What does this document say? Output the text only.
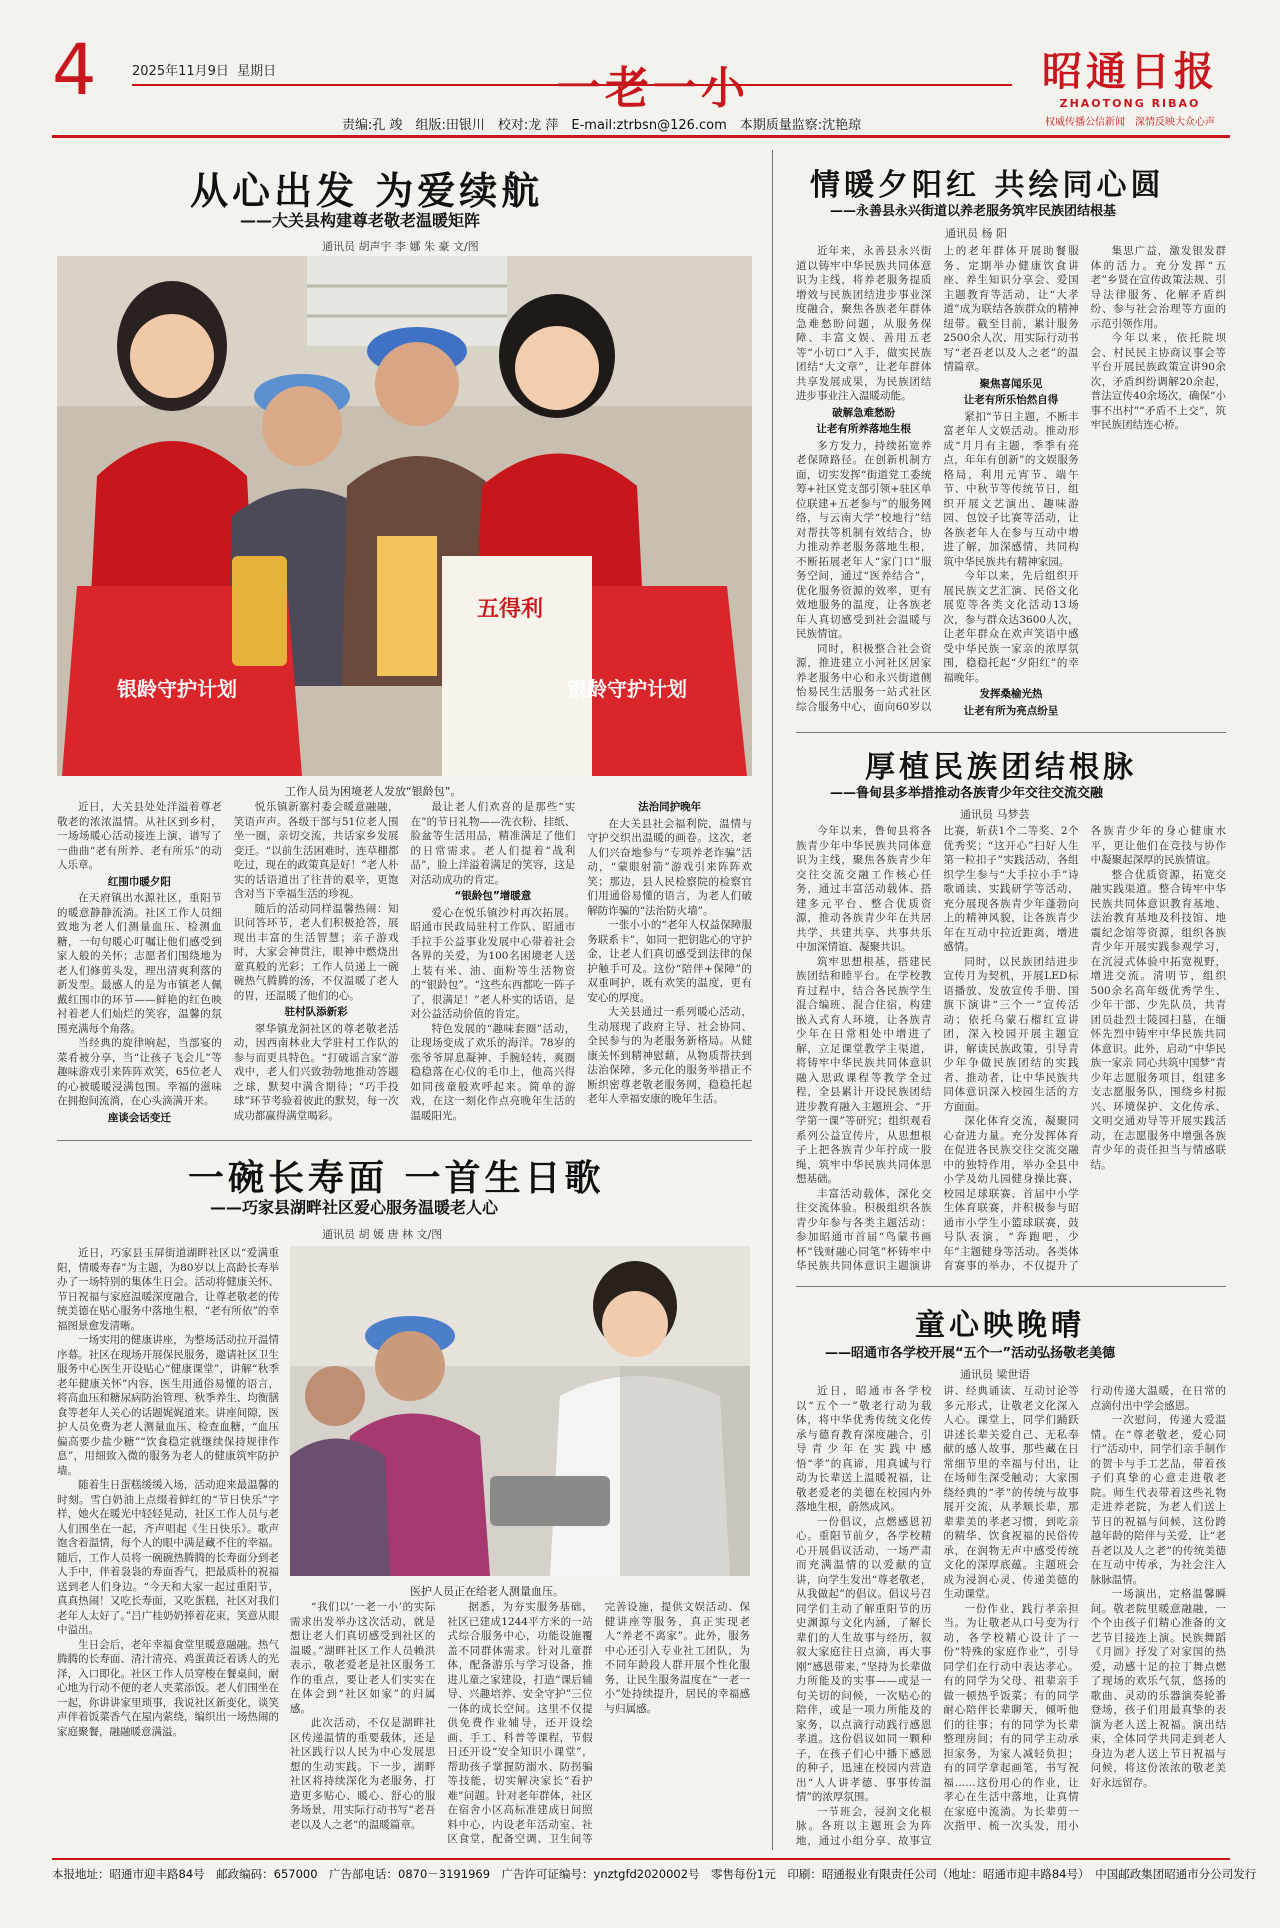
4	2025年11月9日 星期日	一老一小	昭通日报
ZHAOTONG RIBAO
权威传播公信新闻　深情反映大众心声
责编:孔 竣　组版:田银川　校对:龙 萍　E-mail:ztrbsn@126.com　本期质量监察:沈艳琼
从心出发 为爱续航
——大关县构建尊老敬老温暖矩阵
通讯员 胡声宇 李 娜 朱 豪 文/图
银龄守护计划	银龄守护计划
五得利
工作人员为困境老人发放“银龄包”。

近日，大关县处处洋溢着尊老敬老的浓浓温情。从社区到乡村，一场场暖心活动接连上演，谱写了一曲曲“老有所养、老有所乐”的动人乐章。

红围巾暖夕阳

在天府镇出水源社区，重阳节的暖意静静流淌。社区工作人员细致地为老人们测量血压、检测血糖，一句句暖心叮嘱让他们感受到家人般的关怀；志愿者们围绕地为老人们修剪头发，理出清爽利落的新发型。最感人的是为市镇老人佩戴红围巾的环节——鲜艳的红色映衬着老人们灿烂的笑容，温馨的氛围充满每个角落。

当经典的旋律响起，当部宴的菜肴被分享，当“让孩子飞会儿”等趣味游戏引来阵阵欢笑，65位老人的心被暖暖浸满包围。幸福的滋味在拥抱间流淌，在心头滴满开来。

座谈会话变迁

悦乐镇新寨村委会暖意融融，笑语声声。各级干部与51位老人围坐一圈，亲切交流，共话家乡发展变迁。“以前生活困难时，连草棚都吃过，现在的政策真是好！”老人朴实的话语道出了往昔的艰辛，更饱含对当下幸福生活的珍视。

随后的活动同样温馨热闹：知识问答环节，老人们积极抢答，展现出丰富的生活智慧；亲子游戏时，大家会神贯注，眼神中燃烧出童真般的光彩；工作人员递上一碗碗热气腾腾的汤，不仅温暖了老人的胃，还温暖了他们的心。

驻村队添新彩

翠华镇龙洞社区的尊老敬老活动，因西南林业大学驻村工作队的参与而更具特色。“打破谣言家”游戏中，老人们兴致勃勃地推动答题之球，默契中满含期待；“巧手投球”环节考验着彼此的默契，每一次成功都赢得满堂喝彩。

最让老人们欢喜的是那些“实在”的节日礼物——洗衣粉、挂纸、脸盆等生活用品，精准满足了他们的日常需求。老人们提着“战利品”，脸上洋溢着满足的笑容，这是对活动成功的肯定。

“银龄包”增暖意

爱心在悦乐镇沙村再次拓展。昭通市民政局驻村工作队、昭通市手拉手公益事业发展中心带着社会各界的关爱，为100名困境老人送上装有米、油、面粉等生活物资的“银龄包”。“这些东西都吃一阵子了，很满足！”老人朴实的话语，是对公益活动价值的肯定。

特色发展的“趣味套圈”活动，让现场变成了欢乐的海洋。78岁的张爷爷屏息凝神、手腕轻转，爽圈稳稳落在心仪的毛巾上，他高兴得如同孩童般欢呼起来。简单的游戏，在这一刻化作点亮晚年生活的温暖阳光。

法治同护晚年

在大关县社会福利院，温情与守护交织出温暖的画卷。这次，老人们兴奋地参与“专项养老诈骗”活动，“蒙眼射箭”游戏引来阵阵欢笑；那边，县人民检察院的检察官们用通俗易懂的语言，为老人们破解防诈骗的“法治防火墙”。

一张小小的“老年人权益保障服务联系卡”，如同一把钥匙心的守护金，让老人们真切感受到法律的保护触手可及。这份“陪伴+保障”的双重呵护，既有欢笑的温度，更有安心的厚度。

大关县通过一系列暖心活动，生动展现了政府主导、社会协同、全民参与的为老服务新格局。从健康关怀到精神慰藉，从物质帮扶到法治保障，多元化的服务举措正不断织密尊老敬老服务网，稳稳托起老年人幸福安康的晚年生活。

一碗长寿面 一首生日歌
——巧家县湖畔社区爱心服务温暖老人心
通讯员 胡 媛 唐 林 文/图
医护人员正在给老人测量血压。

近日，巧家县玉屏街道湖畔社区以“爱满重阳，情暖寿春”为主题，为80岁以上高龄长寿举办了一场特别的集体生日会。活动将健康关怀、节日祝福与家庭温暖深度融合，让尊老敬老的传统美德在贴心服务中落地生根，“老有所依”的幸福图景愈发清晰。

一场实用的健康讲座，为整场活动拉开温情序幕。社区在现场开展保民服务，邀请社区卫生服务中心医生开设贴心“健康课堂”，讲解“秋季老年健康关怀”内容，医生用通俗易懂的语言，将高血压和糖尿病防治管理、秋季养生、均衡膳食等老年人关心的话题娓娓道来。讲座间隙，医护人员免费为老人测量血压、检查血糖，“血压偏高要少盐少糖”“饮食稳定就继续保持规律作息”，用细致入微的服务为老人的健康筑牢防护墙。

随着生日蛋糕缓缓入场，活动迎来最温馨的时刻。雪白奶油上点缀着鲜红的“节日快乐”字样，她火在暖光中轻轻晃动，社区工作人员与老人们围坐在一起，齐声唱起《生日快乐》。歌声饱含着温情，每个人的眼中满是藏不住的幸福。随后，工作人员将一碗碗热腾腾的长寿面分到老人手中，伴着袅袅的寿面香气，把最质朴的祝福送到老人们身边。“今天和大家一起过重阳节，真真热闹！又吃长寿面，又吃蛋糕，社区对我们老年人太好了。”吕广桂奶奶捧着花束，笑意从眼中溢出。

生日会后，老年幸福食堂里暖意融融。热气腾腾的长寿面、清汁清亮、鸡蛋黄泛着诱人的光泽，入口即化。社区工作人员穿梭在餐桌间，耐心地为行动不便的老人夹菜添饭。老人们围坐在一起，你讲讲家里琐事，我说社区新变化，谈笑声伴着饭菜香气在屋内萦绕，编织出一场热闹的家庭聚餐，融融暖意满溢。

“我们以‘一老一小’的实际需求出发举办这次活动，就是想让老人们真切感受到社区的温暖。”湖畔社区工作人员赖洪表示，敬老爱老是社区服务工作的重点，要让老人们实实在在体会到“社区如家”的归属感。

此次活动，不仅是湖畔社区传递温情的重要载体，还是社区践行以人民为中心发展思想的生动实践。下一步，湖畔社区将持续深化为老服务，打造更多贴心、暖心、舒心的服务场景，用实际行动书写“老吾老以及人之老”的温暖篇章。

据悉，为夯实服务基础，社区已建成1244平方米的一站式综合服务中心，功能设施覆盖不同群体需求。针对儿童群体，配备游乐与学习设备，推进儿童之家建设，打造“课后辅导、兴趣培养、安全守护”三位一体的成长空间。这里不仅提供免费作业辅导，还开设绘画、手工、科普等课程，节假日还开设“安全知识小课堂”，帮助孩子掌握防溺水、防拐骗等技能，切实解决家长“看护难”问题。针对老年群体，社区在宿舍小区高标准建成日间照料中心，内设老年活动室、社区食堂，配备空调、卫生间等完善设施，提供文娱活动、保健讲座等服务，真正实现老人“养老不离家”。此外，服务中心还引入专业社工团队，为不同年龄段人群开展个性化服务，让民生服务温度在“一老一小”处持续提升，居民的幸福感与归属感。

情暖夕阳红 共绘同心圆
——永善县永兴街道以养老服务筑牢民族团结根基
通讯员 杨 阳

近年来，永善县永兴街道以铸牢中华民族共同体意识为主线，将养老服务提质增效与民族团结进步事业深度融合，聚焦各族老年群体急难愁盼问题，从服务保障、丰富文娱、善用五老等“小切口”入手，做实民族团结“大文章”，让老年群体共享发展成果，为民族团结进步事业注入温暖动能。

破解急难愁盼

让老有所养落地生根

多方发力，持续拓宽养老保障路径。在创新机制方面，切实发挥“街道党工委统筹+社区党支部引领+驻区单位联建+五老参与”的服务网络，与云南大学“校地行”结对帮扶等机制有效结合，协力推动养老服务落地生根，不断拓展老年人“家门口”服务空间，通过“医养结合”，优化服务资源的效率，更有效地服务的温度，让各族老年人真切感受到社会温暖与民族情谊。

同时，积极整合社会资源，推进建立小河社区居家养老服务中心和永兴街道侧怡易民生活服务一站式社区综合服务中心，面向60岁以上的老年群体开展助餐服务、定期举办健康饮食讲座、养生知识分享会、爱国主题教育等活动，让“大孝道”成为联结各族群众的精神纽带。截至目前，累计服务2500余人次，用实际行动书写“老吾老以及人之老”的温情篇章。

聚焦喜闻乐见

让老有所乐怡然自得

紧扣“节日主题，不断丰富老年人文娱活动。推动形成“月月有主题，季季有亮点，年年有创新”的文娱服务格局，利用元宵节、端午节、中秋节等传统节日，组织开展文艺演出、趣味游园、包饺子比赛等活动，让各族老年人在参与互动中增进了解，加深感情，共同构筑中华民族共有精神家园。

今年以来，先后组织开展民族文艺汇演、民俗文化展览等各类文化活动13场次，参与群众达3600人次，让老年群众在欢声笑语中感受中华民族一家亲的浓厚氛围，稳稳托起“夕阳红”的幸福晚年。

发挥桑榆光热

让老有所为亮点纷呈

集思广益，激发银发群体的活力。充分发挥“五老”乡贤在宣传政策法规、引导法律服务、化解矛盾纠纷、参与社会治理等方面的示范引领作用。

今年以来，依托院坝会、村民民主协商议事会等平台开展民族政策宣讲90余次，矛盾纠纷调解20余起，普法宣传40余场次，确保“小事不出村”“矛盾不上交”，筑牢民族团结连心桥。

厚植民族团结根脉
——鲁甸县多举措推动各族青少年交往交流交融
通讯员 马梦芸

今年以来，鲁甸县将各族青少年中华民族共同体意识为主线，聚焦各族青少年交往交流交融工作核心任务，通过丰富活动载体、搭建多元平台、整合优质资源，推动各族青少年在共居共学、共建共享、共事共乐中加深情谊、凝聚共识。

筑牢思想根基，搭建民族团结和睦平台。在学校教育过程中，结合各民族学生混合编班、混合住宿，构建嵌入式育人环境，让各族青少年在日常相处中增进了解，立足课堂教学主渠道，将铸牢中华民族共同体意识融入思政课程等教学全过程，全县累计开设民族团结进步教育融入主题班会、“开学第一课”等研究；组织观看系列公益宣传片，从思想根子上把各族青少年拧成一股绳，筑牢中华民族共同体思想基础。

丰富活动载体，深化交往交流体验。积极组织各族青少年参与各类主题活动：参加昭通市首届“鸟蒙书画杯”钱财融心同笔”杯铸牢中华民族共同体意识主题演讲比赛，斩获1个二等奖、2个优秀奖；“这开心”扫好人生第一粒扣子”实践活动，各组织学生参与“大手拉小手”诗歌诵读、实践研学等活动，充分展现各族青少年蓬勃向上的精神风貌，让各族青少年在互动中拉近距离，增进感情。

同时，以民族团结进步宣传月为契机，开展LED标语播放、发放宣传手册、国旗下演讲“三个一”宣传活动；依托乌蒙石榴红宣讲团，深入校园开展主题宣讲，解读民族政策，引导青少年争做民族团结的实践者、推动者，让中华民族共同体意识深入校园生活的方方面面。

深化体育交流，凝聚同心奋进力量。充分发挥体育在促进各民族交往交流交融中的独特作用，举办全县中小学及幼儿园健身操比赛、校园足球联赛、首届中小学生体育联赛，并积极参与昭通市小学生小篮球联赛，鼓号队表演，“奔跑吧，少年”主题健身等活动。各类体育赛事的举办，不仅提升了各族青少年的身心健康水平，更让他们在竞技与协作中凝聚起深厚的民族情谊。

整合优质资源，拓宽交融实践渠道。整合铸牢中华民族共同体意识教育基地、法治教育基地及科技馆、地震纪念馆等资源，组织各族青少年开展实践参观学习，在沉浸式体验中拓宽视野，增进交流。清明节，组织500余名高年级优秀学生、少年干部、少先队员，共青团员赴烈士陵园扫墓，在缅怀先烈中铸牢中华民族共同体意识。此外，启动“中华民族一家亲 同心共筑中国梦”青少年志愿服务项目，组建多支志愿服务队，围绕乡村振兴、环境保护、文化传承、文明交通劝导等开展实践活动，在志愿服务中增强各族青少年的责任担当与情感联结。

童心映晚晴
——昭通市各学校开展“五个一”活动弘扬敬老美德
通讯员 梁世语

近日，昭通市各学校以“五个一”敬老行动为载体，将中华优秀传统文化传承与德育教育深度融合，引导青少年在实践中感悟“孝”的真谛，用真诚与行动为长辈送上温暖祝福，让敬老爱老的美德在校园内外落地生根，蔚然成风。

一份倡议，点燃感恩初心。重阳节前夕，各学校精心开展倡议活动，一场严肃而充满温情的以爱献的宣讲，向学生发出“尊老敬老，从我做起”的倡议。倡议号召同学们主动了解重阳节的历史渊源与文化内涵，了解长辈们的人生故事与经历，叙叙大家庭往日点滴，再大事刚“感恩带来，”坚持为长辈做力所能及的实事——或是一句关切的问候，一次贴心的陪伴，或是一项力所能及的家务，以点滴行动践行感恩孝道。这份倡议如同一颗种子，在孩子们心中播下感恩的种子，迅速在校园内营造出“人人讲孝德、事事传温情”的浓厚氛围。

一节班会，浸润文化根脉。各班以主题班会为阵地，通过小组分享、故事宣讲、经典诵读、互动讨论等多元形式，让敬老文化深入人心。课堂上，同学们踊跃讲述长辈关爱自己、无私奉献的感人故事，那些藏在日常细节里的幸福与付出，让在场师生深受触动；大家围绕经典的“孝”的传统与故事展开交流，从孝顺长辈，那辈辈美的孝老习惯，到吃亲的精华、饮食祝福的民俗传承，在润物无声中感受传统文化的深厚底蕴。主题班会成为浸润心灵、传递美德的生动课堂。

一份作业，践行孝亲担当。为让敬老从口号变为行动，各学校精心设计了一份“特殊的家庭作业”，引导同学们在行动中表达孝心。有的同学为父母、祖辈亲手做一顿热乎饭菜；有的同学耐心陪伴长辈聊天，倾听他们的往事；有的同学为长辈整理房间；有的同学主动承担家务，为家人减轻负担；有的同学拿起画笔，书写祝福……这份用心的作业，让孝心在生活中落地，让真情在家庭中流淌。为长辈剪一次指甲、梳一次头发，用小行动传递大温暖，在日常的点滴付出中学会感恩。

一次慰问，传递大爱温情。在“尊老敬老，爱心同行”活动中，同学们亲手制作的贺卡与手工艺品，带着孩子们真挚的心意走进敬老院。师生代表带着这些礼物走进养老院，为老人们送上节日的祝福与问候，这份跨越年龄的陪伴与关爱，让“老吾老以及人之老”的传统美德在互动中传承，为社会注入脉脉温情。

一场演出，定格温馨瞬间。敬老院里暖意融融，一个个由孩子们精心准备的文艺节目接连上演。民族舞蹈《月圆》抒发了对家国的热爱，动感十足的拉丁舞点燃了现场的欢乐气氛，悠扬的歌曲、灵动的乐器演奏轮番登场，孩子们用最真挚的表演为老人送上祝福。演出结束，全体同学共同走到老人身边为老人送上节日祝福与问候，将这份浓浓的敬老美好永远留存。

本报地址：昭通市迎丰路84号　邮政编码：657000　广告部电话：0870－3191969　广告许可证编号：ynztgfd2020002号　零售每份1元　印刷：昭通报业有限责任公司（地址：昭通市迎丰路84号）　中国邮政集团昭通市分公司发行
